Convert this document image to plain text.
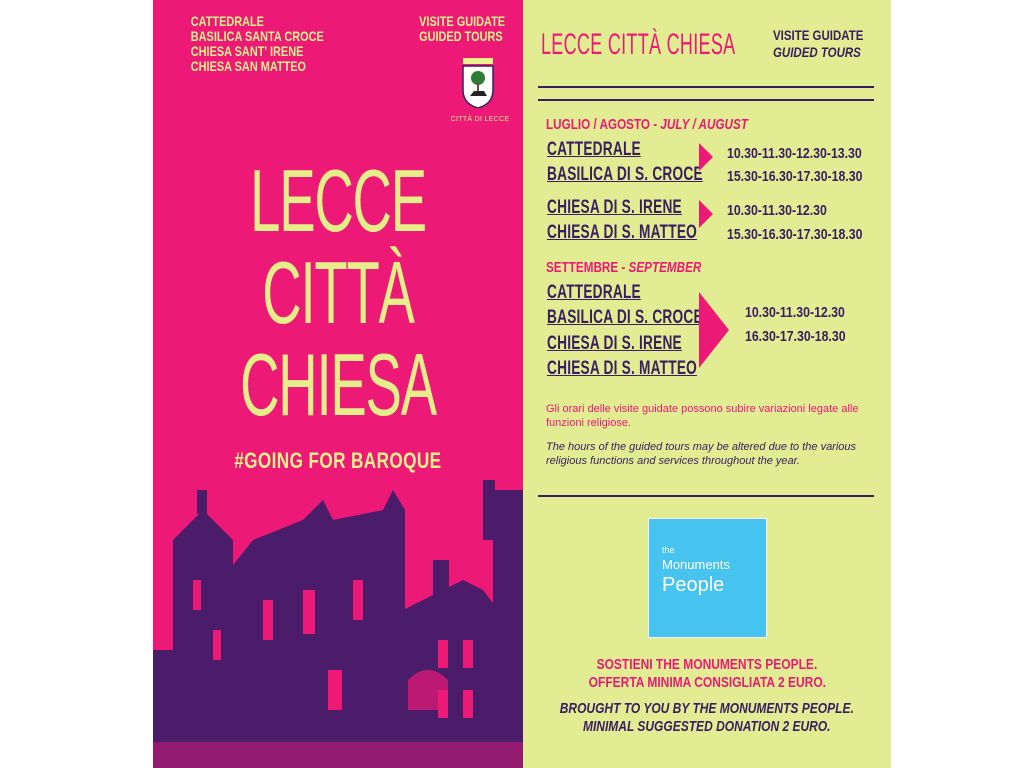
CATTEDRALE
BASILICA SANTA CROCE
CHIESA SANT' IRENE
CHIESA SAN MATTEO
VISITE GUIDATE
GUIDED TOURS
CITTÀ DI LECCE
LECCE
CITTÀ
CHIESA
#GOING FOR BAROQUE
LECCE CITTÀ CHIESA	VISITE GUIDATE
GUIDED TOURS
LUGLIO / AGOSTO - JULY / AUGUST
CATTEDRALE
BASILICA DI S. CROCE
10.30-11.30-12.30-13.30
15.30-16.30-17.30-18.30
CHIESA DI S. IRENE
CHIESA DI S. MATTEO
10.30-11.30-12.30
15.30-16.30-17.30-18.30
SETTEMBRE - SEPTEMBER
CATTEDRALE
BASILICA DI S. CROCE
CHIESA DI S. IRENE
CHIESA DI S. MATTEO
10.30-11.30-12.30
16.30-17.30-18.30
Gli orari delle visite guidate possono subire variazioni legate alle funzioni religiose.
The hours of the guided tours may be altered due to the various religious functions and services throughout the year.
the
Monuments
People
SOSTIENI THE MONUMENTS PEOPLE.
OFFERTA MINIMA CONSIGLIATA 2 EURO.
BROUGHT TO YOU BY THE MONUMENTS PEOPLE.
MINIMAL SUGGESTED DONATION 2 EURO.
